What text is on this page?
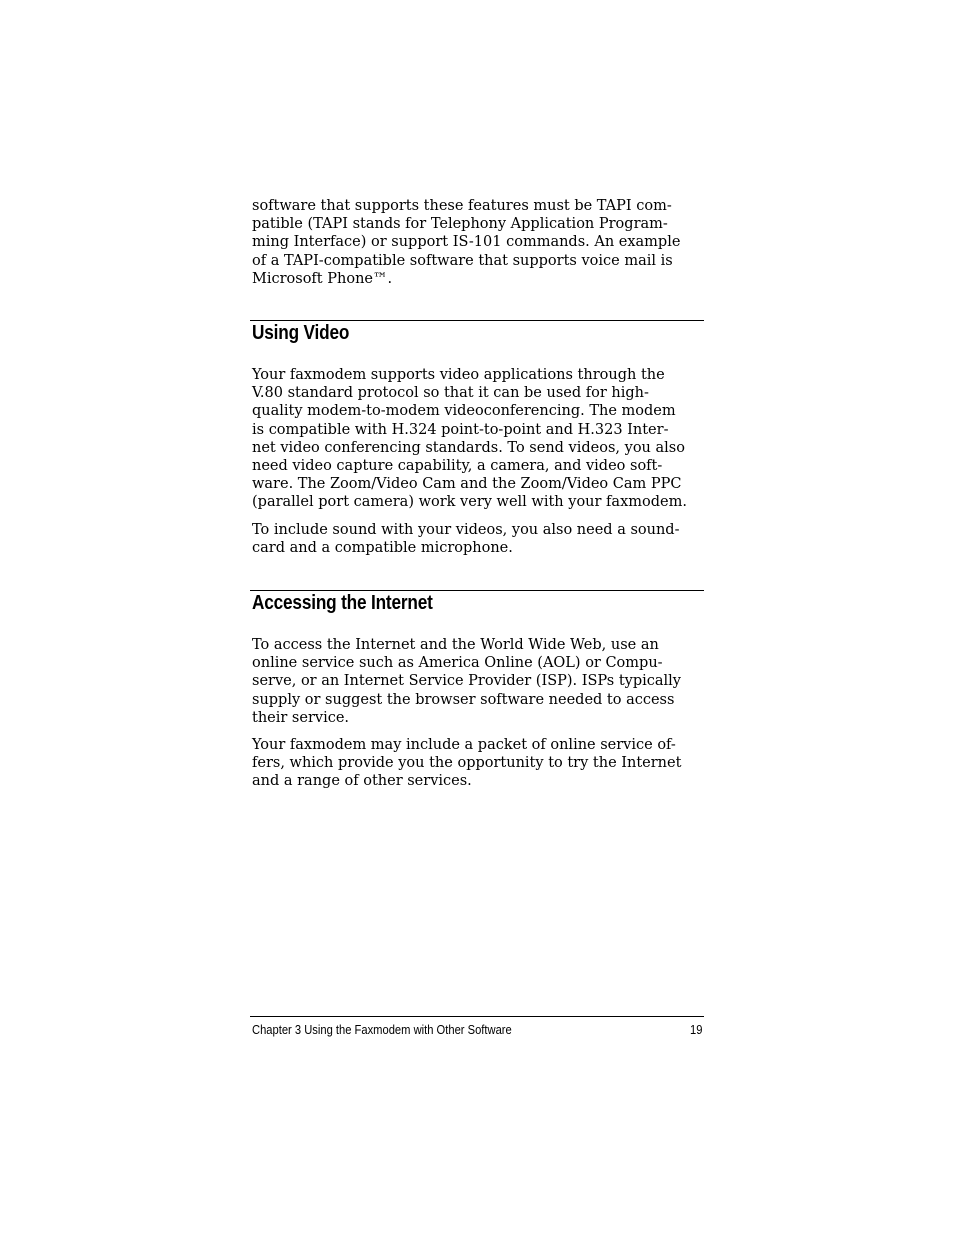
software that supports these features must be TAPI com-
patible (TAPI stands for Telephony Application Program-
ming Interface) or support IS-101 commands. An example
of a TAPI-compatible software that supports voice mail is
Microsoft Phone™.

Using Video

Your faxmodem supports video applications through the
V.80 standard protocol so that it can be used for high-
quality modem-to-modem videoconferencing. The modem
is compatible with H.324 point-to-point and H.323 Inter-
net video conferencing standards. To send videos, you also
need video capture capability, a camera, and video soft-
ware. The Zoom/Video Cam and the Zoom/Video Cam PPC
(parallel port camera) work very well with your faxmodem.

To include sound with your videos, you also need a sound-
card and a compatible microphone.

Accessing the Internet

To access the Internet and the World Wide Web, use an
online service such as America Online (AOL) or Compu-
serve, or an Internet Service Provider (ISP). ISPs typically
supply or suggest the browser software needed to access
their service.

Your faxmodem may include a packet of online service of-
fers, which provide you the opportunity to try the Internet
and a range of other services.

Chapter 3 Using the Faxmodem with Other Software	19
